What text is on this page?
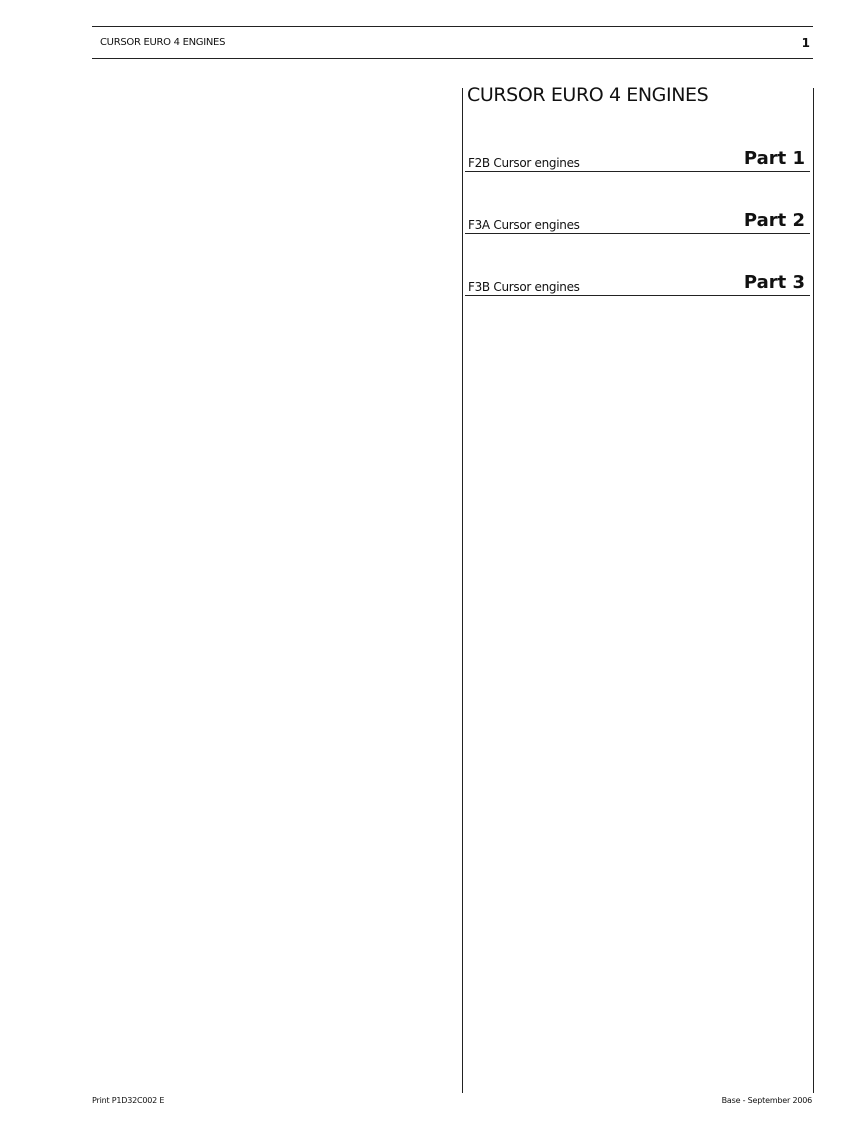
CURSOR EURO 4 ENGINES	1
CURSOR EURO 4 ENGINES
F2B Cursor engines	Part 1
F3A Cursor engines	Part 2
F3B Cursor engines	Part 3
Print P1D32C002 E	Base - September 2006
